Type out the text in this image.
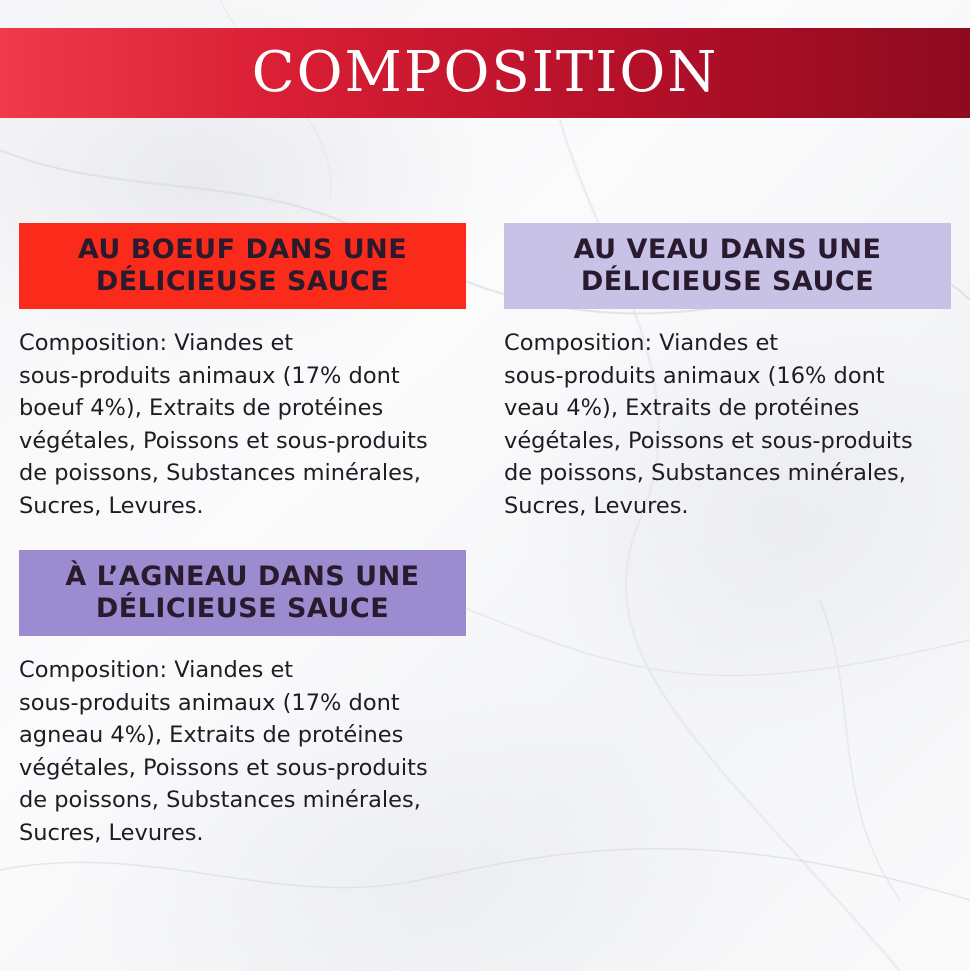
COMPOSITION
AU BOEUF DANS UNE
DÉLICIEUSE SAUCE
Composition: Viandes et
sous-produits animaux (17% dont
boeuf 4%), Extraits de protéines
végétales, Poissons et sous-produits
de poissons, Substances minérales,
Sucres, Levures.
AU VEAU DANS UNE
DÉLICIEUSE SAUCE
Composition: Viandes et
sous-produits animaux (16% dont
veau 4%), Extraits de protéines
végétales, Poissons et sous-produits
de poissons, Substances minérales,
Sucres, Levures.
À L’AGNEAU DANS UNE
DÉLICIEUSE SAUCE
Composition: Viandes et
sous-produits animaux (17% dont
agneau 4%), Extraits de protéines
végétales, Poissons et sous-produits
de poissons, Substances minérales,
Sucres, Levures.
